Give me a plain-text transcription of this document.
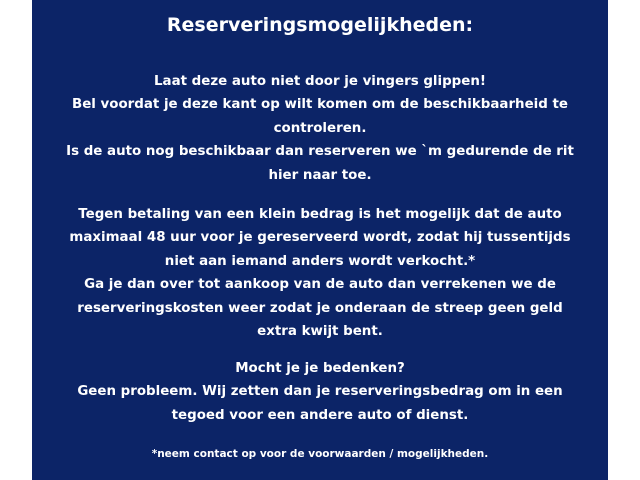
Reserveringsmogelijkheden:

Laat deze auto niet door je vingers glippen!
Bel voordat je deze kant op wilt komen om de beschikbaarheid te
controleren.
Is de auto nog beschikbaar dan reserveren we `m gedurende de rit
hier naar toe.

Tegen betaling van een klein bedrag is het mogelijk dat de auto
maximaal 48 uur voor je gereserveerd wordt, zodat hij tussentijds
niet aan iemand anders wordt verkocht.*
Ga je dan over tot aankoop van de auto dan verrekenen we de
reserveringskosten weer zodat je onderaan de streep geen geld
extra kwijt bent.

Mocht je je bedenken?
Geen probleem. Wij zetten dan je reserveringsbedrag om in een
tegoed voor een andere auto of dienst.

*neem contact op voor de voorwaarden / mogelijkheden.
